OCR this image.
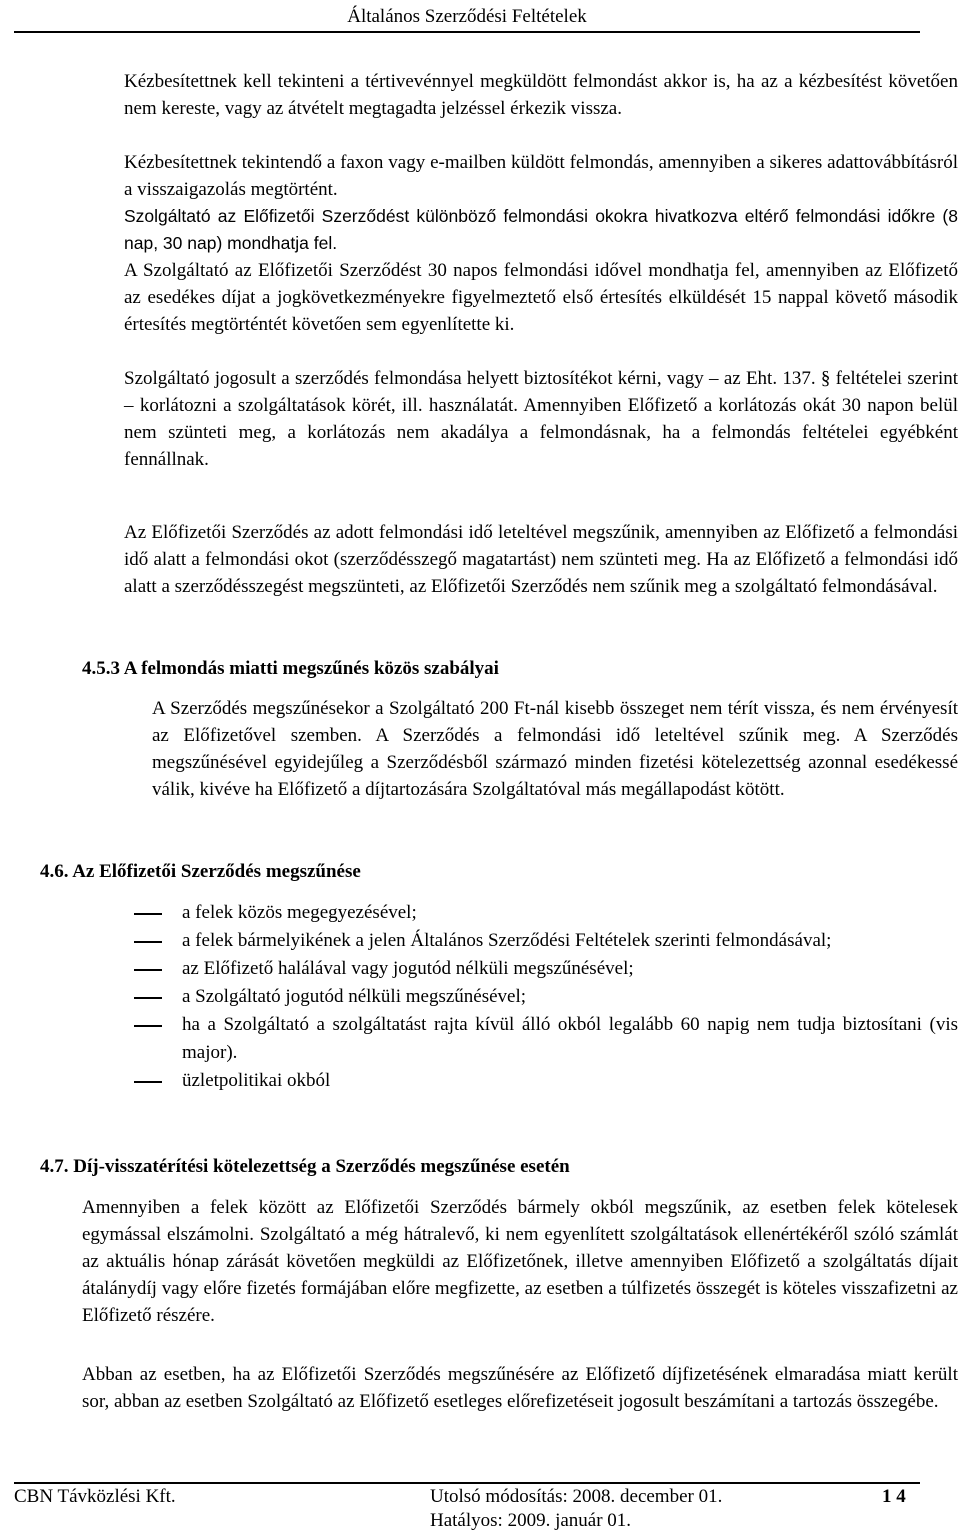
Általános Szerződési Feltételek

Kézbesítettnek kell tekinteni a tértivevénnyel megküldött felmondást akkor is, ha az a kézbesítést követően nem kereste, vagy az átvételt megtagadta jelzéssel érkezik vissza.

Kézbesítettnek tekintendő a faxon vagy e-mailben küldött felmondás, amennyiben a sikeres adattovábbításról a visszaigazolás megtörtént.

Szolgáltató az Előfizetői Szerződést különböző felmondási okokra hivatkozva eltérő felmondási időkre (8 nap, 30 nap) mondhatja fel.

A Szolgáltató az Előfizetői Szerződést 30 napos felmondási idővel mondhatja fel, amennyiben az Előfizető az esedékes díjat a jogkövetkezményekre figyelmeztető első értesítés elküldését 15 nappal követő második értesítés megtörténtét követően sem egyenlítette ki.

Szolgáltató jogosult a szerződés felmondása helyett biztosítékot kérni, vagy – az Eht. 137. § feltételei szerint – korlátozni a szolgáltatások körét, ill. használatát. Amennyiben Előfizető a korlátozás okát 30 napon belül nem szünteti meg, a korlátozás nem akadálya a felmondásnak, ha a felmondás feltételei egyébként fennállnak.

Az Előfizetői Szerződés az adott felmondási idő leteltével megszűnik, amennyiben az Előfizető a felmondási idő alatt a felmondási okot (szerződésszegő magatartást) nem szünteti meg. Ha az Előfizető a felmondási idő alatt a szerződésszegést megszünteti, az Előfizetői Szerződés nem szűnik meg a szolgáltató felmondásával.

4.5.3 A felmondás miatti megszűnés közös szabályai

A Szerződés megszűnésekor a Szolgáltató 200 Ft-nál kisebb összeget nem térít vissza, és nem érvényesít az Előfizetővel szemben. A Szerződés a felmondási idő leteltével szűnik meg. A Szerződés megszűnésével egyidejűleg a Szerződésből származó minden fizetési kötelezettség azonnal esedékessé válik, kivéve ha Előfizető a díjtartozására Szolgáltatóval más megállapodást kötött.

4.6. Az Előfizetői Szerződés megszűnése
a felek közös megegyezésével;
a felek bármelyikének a jelen Általános Szerződési Feltételek szerinti felmondásával;
az Előfizető halálával vagy jogutód nélküli megszűnésével;
a Szolgáltató jogutód nélküli megszűnésével;
ha a Szolgáltató a szolgáltatást rajta kívül álló okból legalább 60 napig nem tudja biztosítani (vis major).
üzletpolitikai okból
4.7. Díj-visszatérítési kötelezettség a Szerződés megszűnése esetén

Amennyiben a felek között az Előfizetői Szerződés bármely okból megszűnik, az esetben felek kötelesek egymással elszámolni. Szolgáltató a még hátralevő, ki nem egyenlített szolgáltatások ellenértékéről szóló számlát az aktuális hónap zárását követően megküldi az Előfizetőnek, illetve amennyiben Előfizető a szolgáltatás díjait átalánydíj vagy előre fizetés formájában előre megfizette, az esetben a túlfizetés összegét is köteles visszafizetni az Előfizető részére.

Abban az esetben, ha az Előfizetői Szerződés megszűnésére az Előfizető díjfizetésének elmaradása miatt került sor, abban az esetben Szolgáltató az Előfizető esetleges előrefizetéseit jogosult beszámítani a tartozás összegébe.

CBN Távközlési Kft.	Utolsó módosítás: 2008. december 01.
Hatályos: 2009. január 01.
1 4
